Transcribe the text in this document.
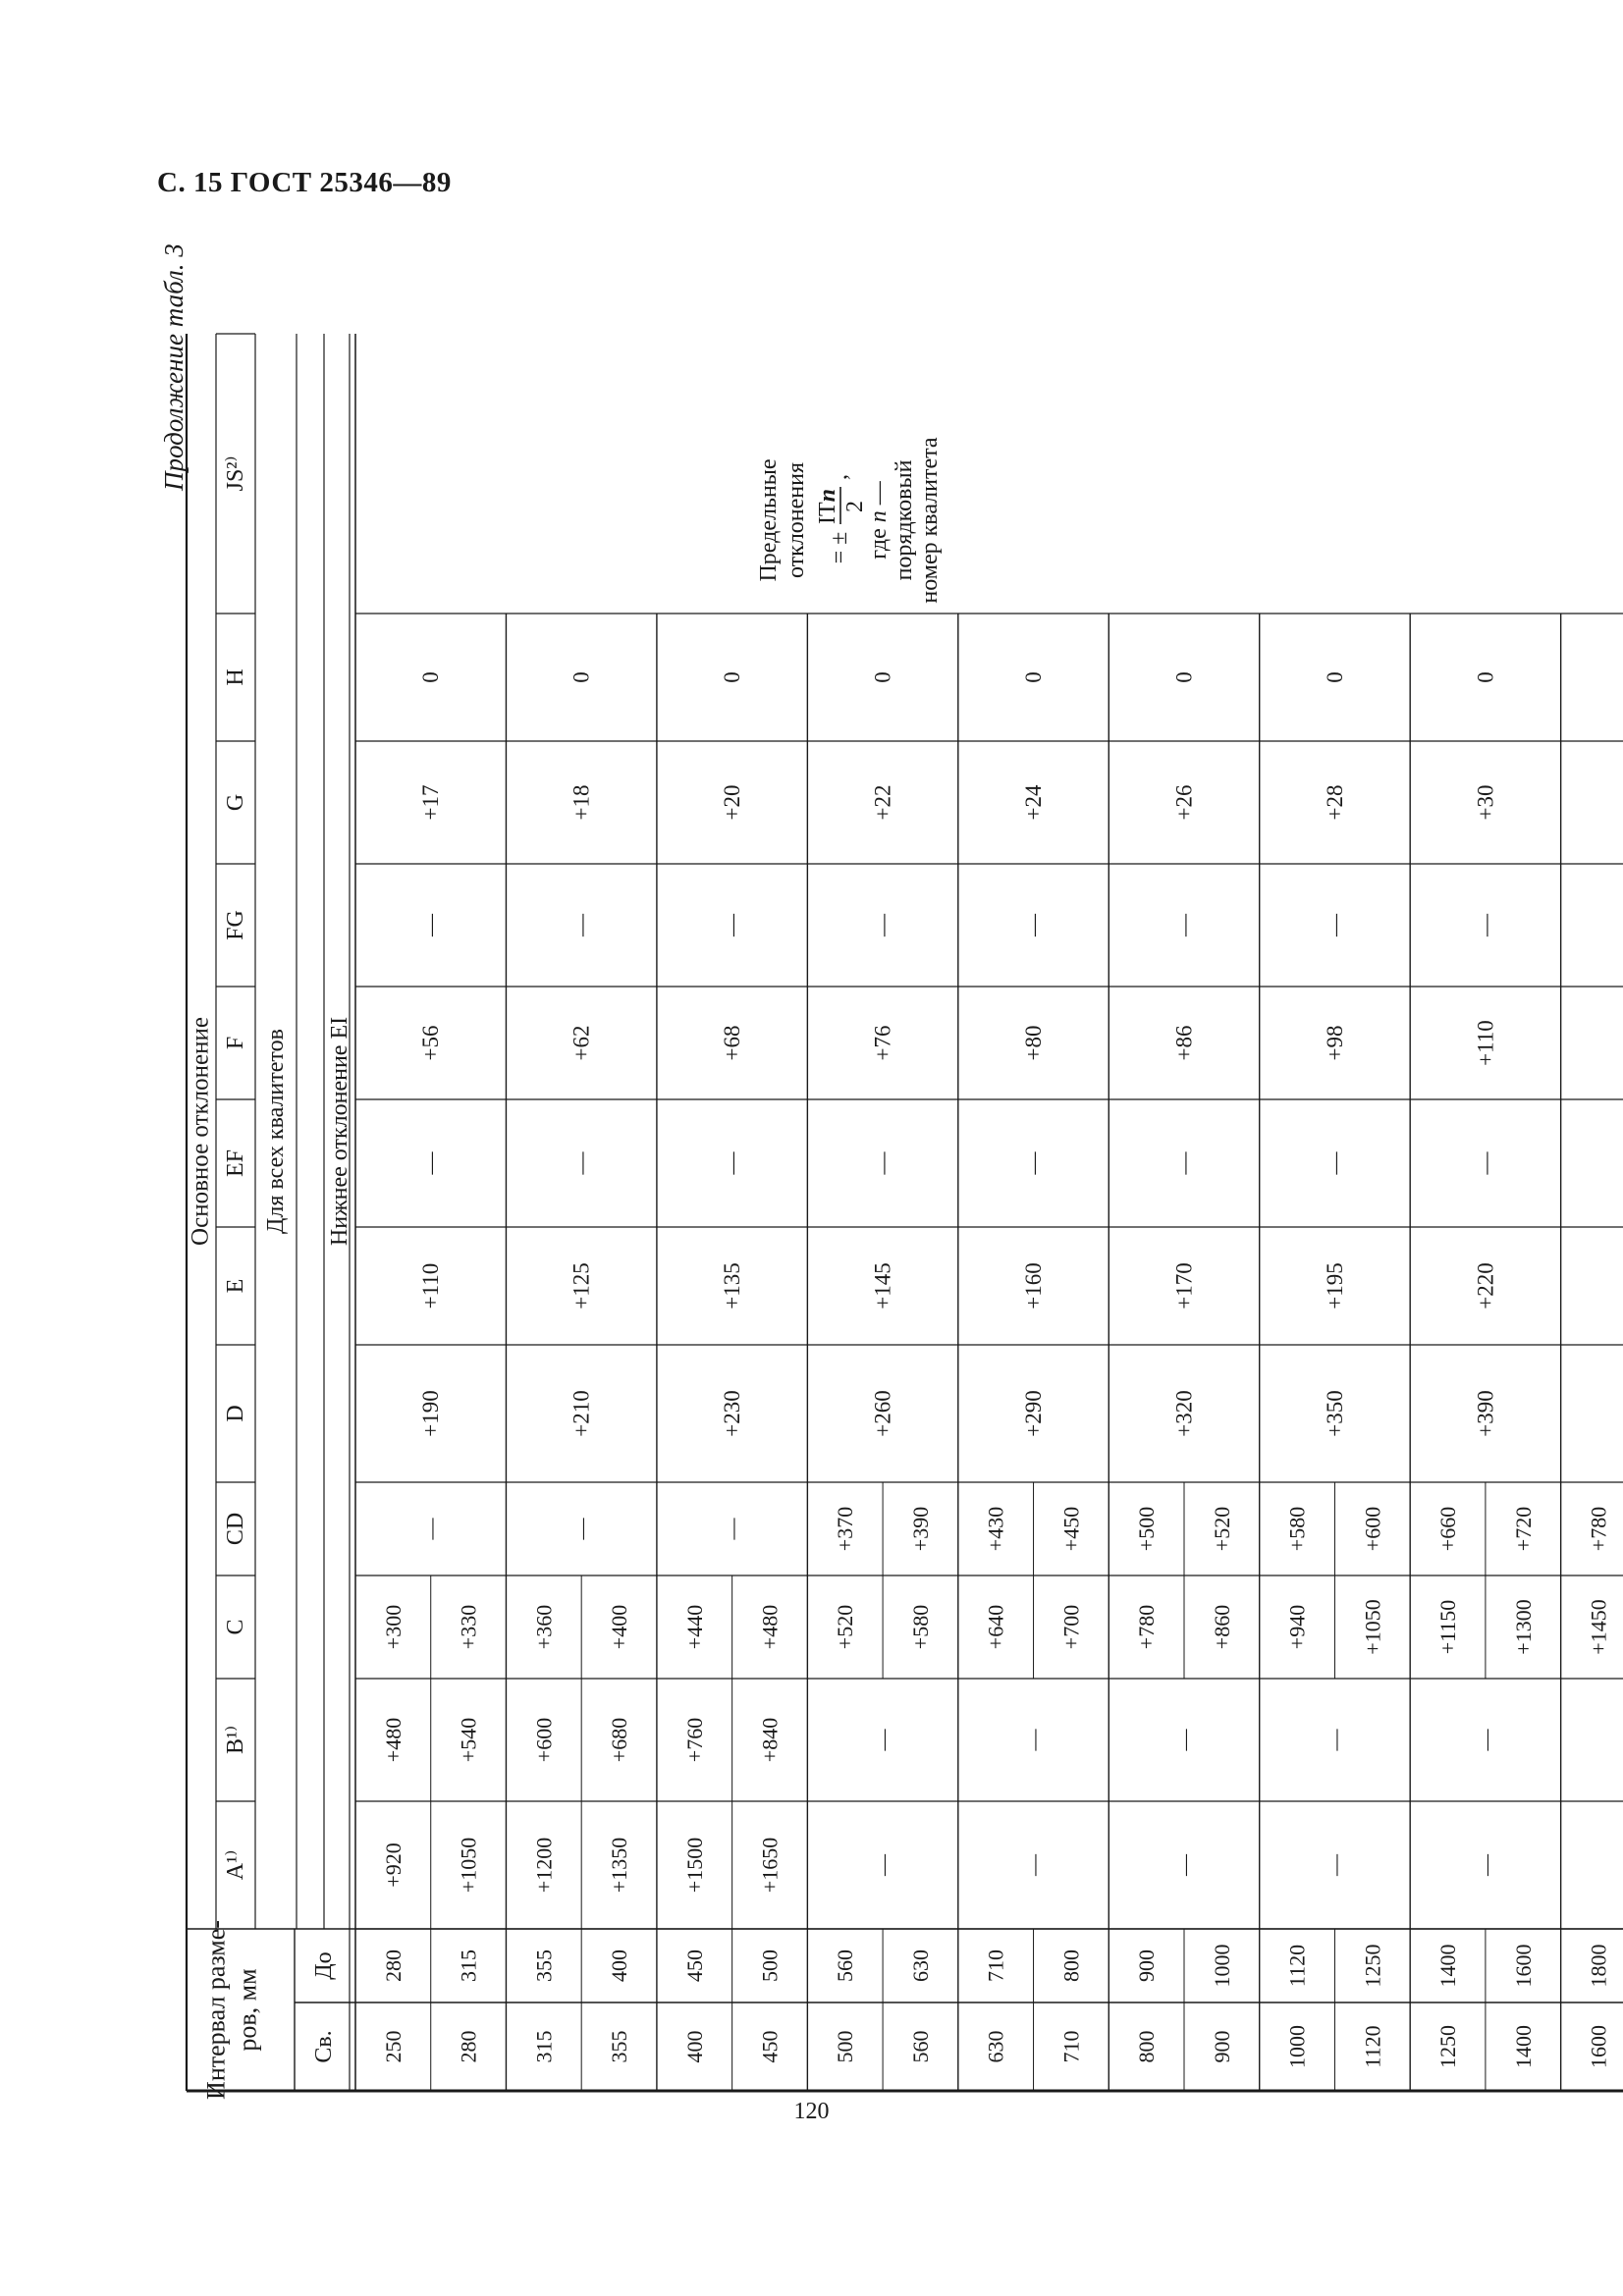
С. 15 ГОСТ 25346—89
Продолжение табл. 3
120
Интервал разме- ров, мм Св.
До
Основное отклонение Для всех квалитетов Нижнее отклонение EI
A¹⁾
B¹⁾
C
CD
D
E
EF
F
FG
G
H
JS²⁾
250
280
280
315
+920 +1050
+480 +540
+300 +330
—
+190
+110
—
+56
—
+17
0
315
355
355
400
+1200 +1350
+600 +680
+360 +400
—
+210
+125
—
+62
—
+18
0
400
450
450
500
+1500 +1650
+760 +840
+440 +480
—
+230
+135
—
+68
—
+20
0
500
560
560
630
—
—
+520 +580
+370 +390
+260
+145
—
+76
—
+22
0
630
710
710
800
—
—
+640 +700
+430 +450
+290
+160
—
+80
—
+24
0
800
900
900
1000
—
—
+780 +860
+500 +520
+320
+170
—
+86
—
+26
0
1000
1120
1120
1250
—
—
+940 +1050
+580 +600
+350
+195
—
+98
—
+28
0
1250
1400
1400
1600
—
—
+1150 +1300
+660 +720
+390
+220
—
+110
—
+30
0
1600
1800
+1450
+780
Предельные отклонения = ±
ITn
2
,
где n — порядковый номер квалитета
